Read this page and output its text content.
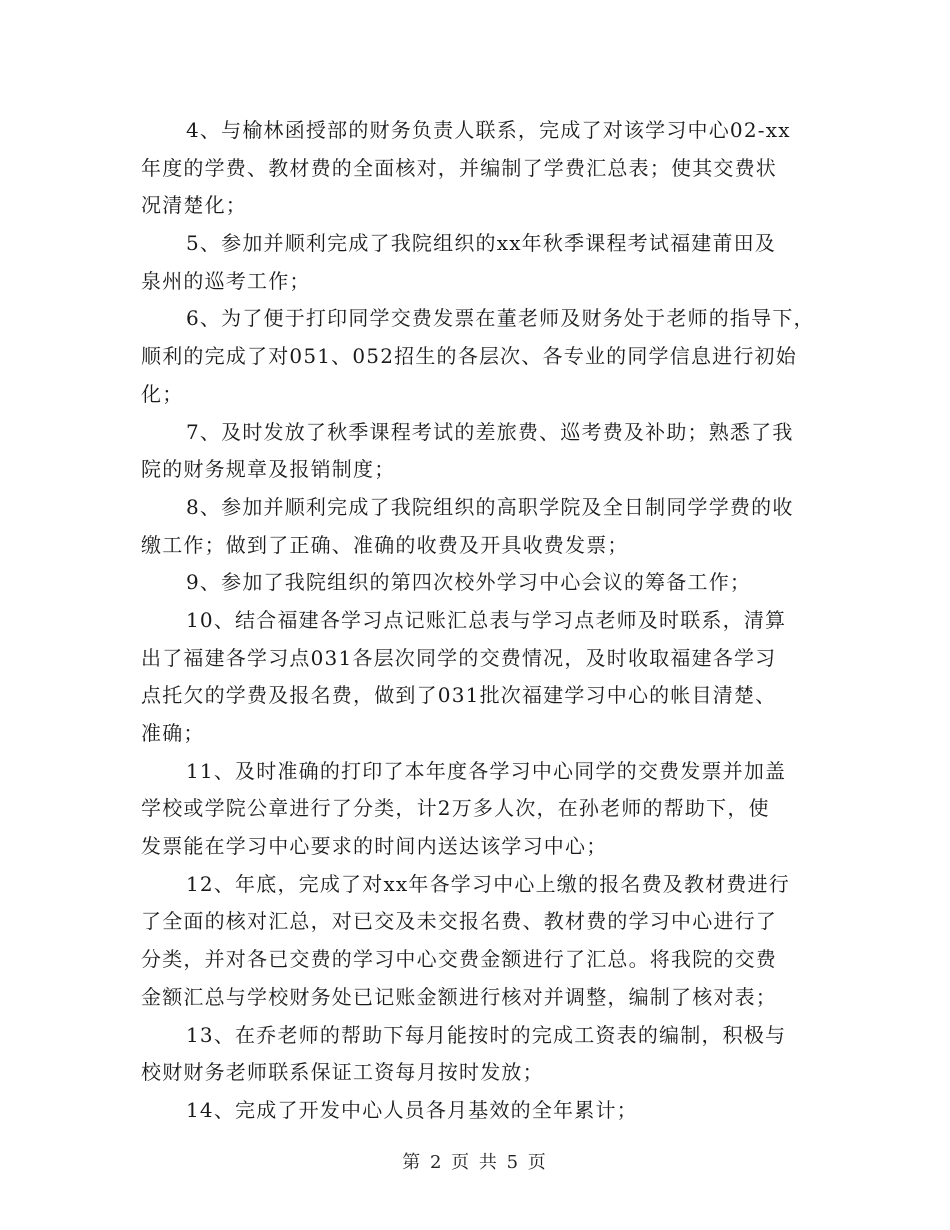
4、与榆林函授部的财务负责人联系，完成了对该学习中心02-xx
年度的学费、教材费的全面核对，并编制了学费汇总表；使其交费状
况清楚化；
5、参加并顺利完成了我院组织的xx年秋季课程考试福建莆田及
泉州的巡考工作；
6、为了便于打印同学交费发票在董老师及财务处于老师的指导下，
顺利的完成了对051、052招生的各层次、各专业的同学信息进行初始
化；
7、及时发放了秋季课程考试的差旅费、巡考费及补助；熟悉了我
院的财务规章及报销制度；
8、参加并顺利完成了我院组织的高职学院及全日制同学学费的收
缴工作；做到了正确、准确的收费及开具收费发票；
9、参加了我院组织的第四次校外学习中心会议的筹备工作；
10、结合福建各学习点记账汇总表与学习点老师及时联系，清算
出了福建各学习点031各层次同学的交费情况，及时收取福建各学习
点托欠的学费及报名费，做到了031批次福建学习中心的帐目清楚、
准确；
11、及时准确的打印了本年度各学习中心同学的交费发票并加盖
学校或学院公章进行了分类，计2万多人次，在孙老师的帮助下，使
发票能在学习中心要求的时间内送达该学习中心；
12、年底，完成了对xx年各学习中心上缴的报名费及教材费进行
了全面的核对汇总，对已交及未交报名费、教材费的学习中心进行了
分类，并对各已交费的学习中心交费金额进行了汇总。将我院的交费
金额汇总与学校财务处已记账金额进行核对并调整，编制了核对表；
13、在乔老师的帮助下每月能按时的完成工资表的编制，积极与
校财财务老师联系保证工资每月按时发放；
14、完成了开发中心人员各月基效的全年累计；
第 2 页 共 5 页
